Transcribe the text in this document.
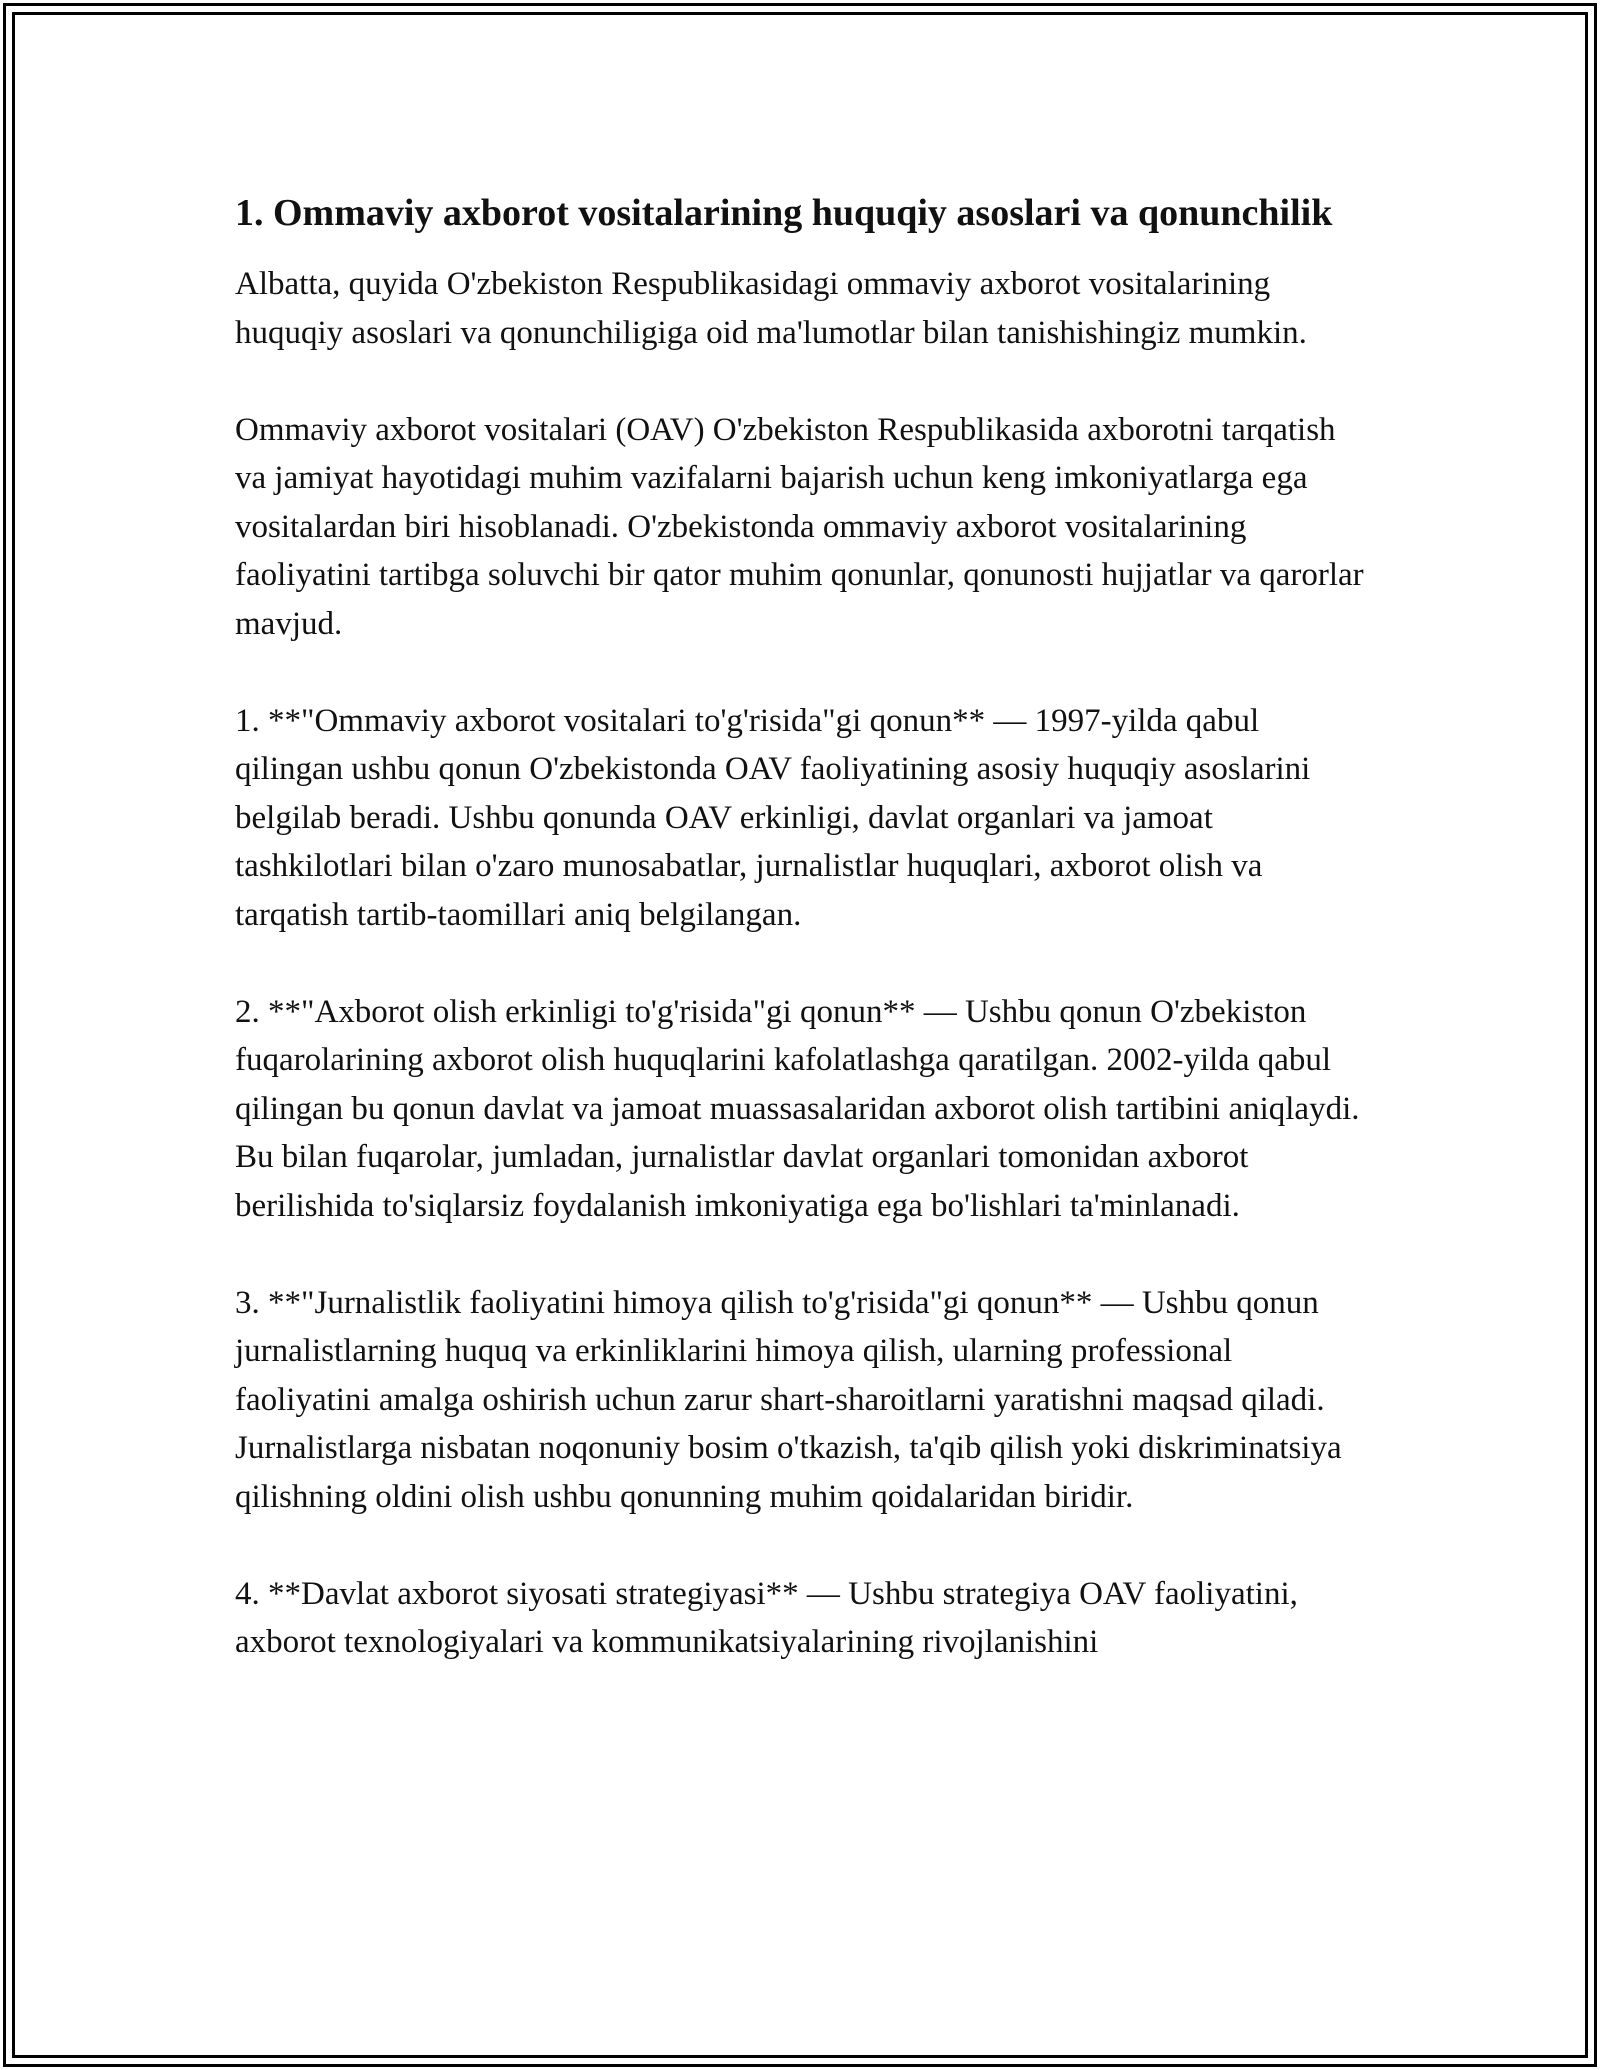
1. Ommaviy axborot vositalarining huquqiy asoslari va qonunchilik

Albatta, quyida O'zbekiston Respublikasidagi ommaviy axborot vositalarining huquqiy asoslari va qonunchiligiga oid ma'lumotlar bilan tanishishingiz mumkin.

Ommaviy axborot vositalari (OAV) O'zbekiston Respublikasida axborotni tarqatish va jamiyat hayotidagi muhim vazifalarni bajarish uchun keng imkoniyatlarga ega vositalardan biri hisoblanadi. O'zbekistonda ommaviy axborot vositalarining faoliyatini tartibga soluvchi bir qator muhim qonunlar, qonunosti hujjatlar va qarorlar mavjud.

1. **"Ommaviy axborot vositalari to'g'risida"gi qonun** — 1997-yilda qabul qilingan ushbu qonun O'zbekistonda OAV faoliyatining asosiy huquqiy asoslarini belgilab beradi. Ushbu qonunda OAV erkinligi, davlat organlari va jamoat tashkilotlari bilan o'zaro munosabatlar, jurnalistlar huquqlari, axborot olish va tarqatish tartib-taomillari aniq belgilangan.

2. **"Axborot olish erkinligi to'g'risida"gi qonun** — Ushbu qonun O'zbekiston fuqarolarining axborot olish huquqlarini kafolatlashga qaratilgan. 2002-yilda qabul qilingan bu qonun davlat va jamoat muassasalaridan axborot olish tartibini aniqlaydi. Bu bilan fuqarolar, jumladan, jurnalistlar davlat organlari tomonidan axborot berilishida to'siqlarsiz foydalanish imkoniyatiga ega bo'lishlari ta'minlanadi.

3. **"Jurnalistlik faoliyatini himoya qilish to'g'risida"gi qonun** — Ushbu qonun jurnalistlarning huquq va erkinliklarini himoya qilish, ularning professional faoliyatini amalga oshirish uchun zarur shart-sharoitlarni yaratishni maqsad qiladi. Jurnalistlarga nisbatan noqonuniy bosim o'tkazish, ta'qib qilish yoki diskriminatsiya qilishning oldini olish ushbu qonunning muhim qoidalaridan biridir.

4. **Davlat axborot siyosati strategiyasi** — Ushbu strategiya OAV faoliyatini, axborot texnologiyalari va kommunikatsiyalarining rivojlanishini
